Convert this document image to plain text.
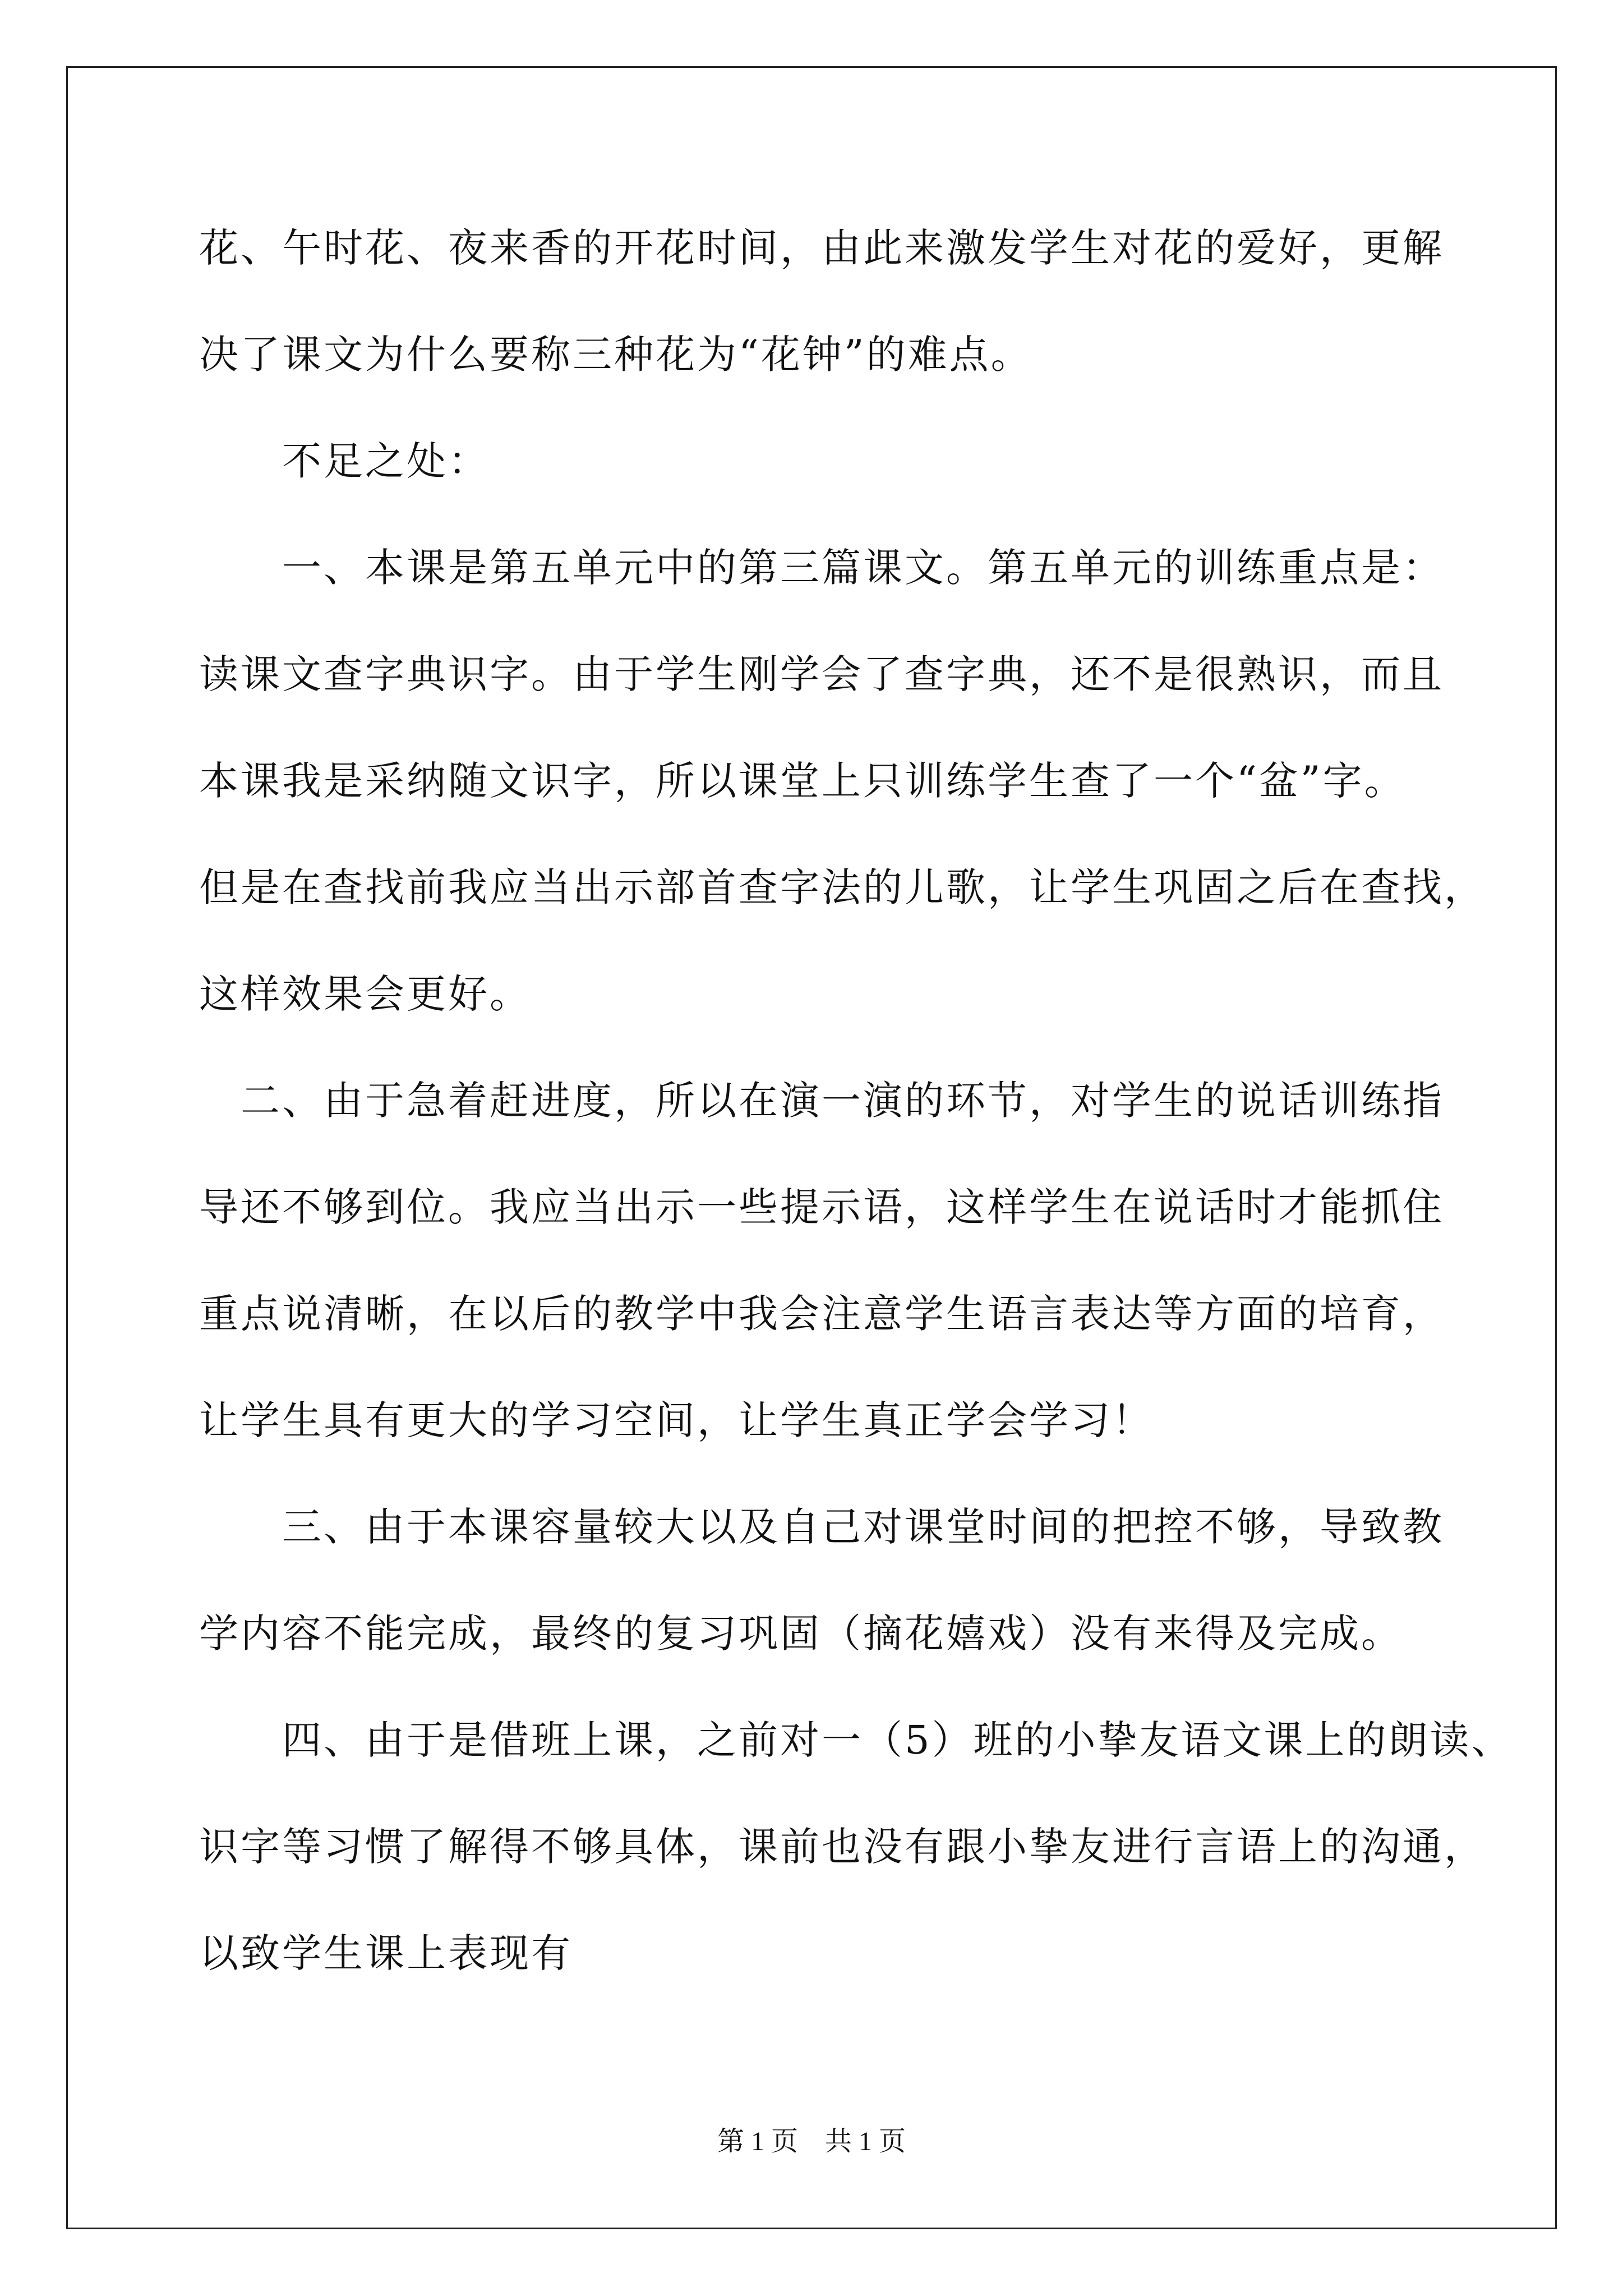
花、午时花、夜来香的开花时间，由此来激发学生对花的爱好，更解
决了课文为什么要称三种花为“花钟”的难点。
　　不足之处：
　　一、本课是第五单元中的第三篇课文。第五单元的训练重点是：
读课文查字典识字。由于学生刚学会了查字典，还不是很熟识，而且
本课我是采纳随文识字，所以课堂上只训练学生查了一个“盆”字。
但是在查找前我应当出示部首查字法的儿歌，让学生巩固之后在查找，
这样效果会更好。
　二、由于急着赶进度，所以在演一演的环节，对学生的说话训练指
导还不够到位。我应当出示一些提示语，这样学生在说话时才能抓住
重点说清晰，在以后的教学中我会注意学生语言表达等方面的培育，
让学生具有更大的学习空间，让学生真正学会学习！
　　三、由于本课容量较大以及自己对课堂时间的把控不够，导致教
学内容不能完成，最终的复习巩固（摘花嬉戏）没有来得及完成。
　　四、由于是借班上课，之前对一（5）班的小挚友语文课上的朗读、
识字等习惯了解得不够具体，课前也没有跟小挚友进行言语上的沟通，
以致学生课上表现有
第 1 页    共 1 页
